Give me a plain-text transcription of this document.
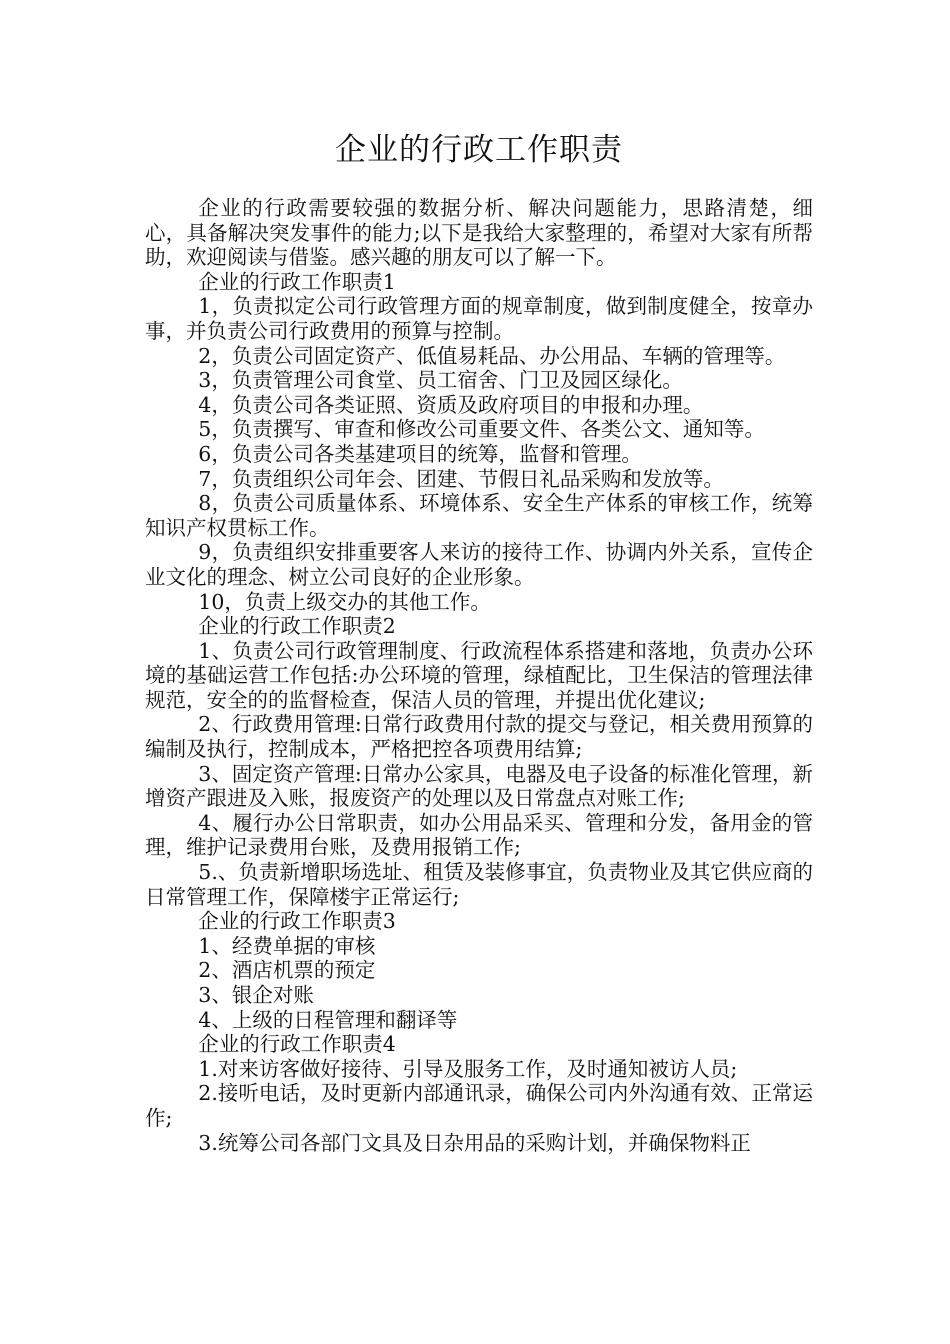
企业的行政工作职责

企业的行政需要较强的数据分析、解决问题能力，思路清楚，细心，具备解决突发事件的能力;以下是我给大家整理的，希望对大家有所帮助，欢迎阅读与借鉴。感兴趣的朋友可以了解一下。

企业的行政工作职责1

1，负责拟定公司行政管理方面的规章制度，做到制度健全，按章办事，并负责公司行政费用的预算与控制。

2，负责公司固定资产、低值易耗品、办公用品、车辆的管理等。

3，负责管理公司食堂、员工宿舍、门卫及园区绿化。

4，负责公司各类证照、资质及政府项目的申报和办理。

5，负责撰写、审查和修改公司重要文件、各类公文、通知等。

6，负责公司各类基建项目的统筹，监督和管理。

7，负责组织公司年会、团建、节假日礼品采购和发放等。

8，负责公司质量体系、环境体系、安全生产体系的审核工作，统筹知识产权贯标工作。

9，负责组织安排重要客人来访的接待工作、协调内外关系，宣传企业文化的理念、树立公司良好的企业形象。

10，负责上级交办的其他工作。

企业的行政工作职责2

1、负责公司行政管理制度、行政流程体系搭建和落地，负责办公环境的基础运营工作包括:办公环境的管理，绿植配比，卫生保洁的管理法律规范，安全的的监督检查，保洁人员的管理，并提出优化建议;

2、行政费用管理:日常行政费用付款的提交与登记，相关费用预算的编制及执行，控制成本，严格把控各项费用结算;

3、固定资产管理:日常办公家具，电器及电子设备的标准化管理，新增资产跟进及入账，报废资产的处理以及日常盘点对账工作;

4、履行办公日常职责，如办公用品采买、管理和分发，备用金的管理，维护记录费用台账，及费用报销工作;

5.、负责新增职场选址、租赁及装修事宜，负责物业及其它供应商的日常管理工作，保障楼宇正常运行;

企业的行政工作职责3

1、经费单据的审核

2、酒店机票的预定

3、银企对账

4、上级的日程管理和翻译等

企业的行政工作职责4

1.对来访客做好接待、引导及服务工作，及时通知被访人员;

2.接听电话，及时更新内部通讯录，确保公司内外沟通有效、正常运作;

3.统筹公司各部门文具及日杂用品的采购计划，并确保物料正
